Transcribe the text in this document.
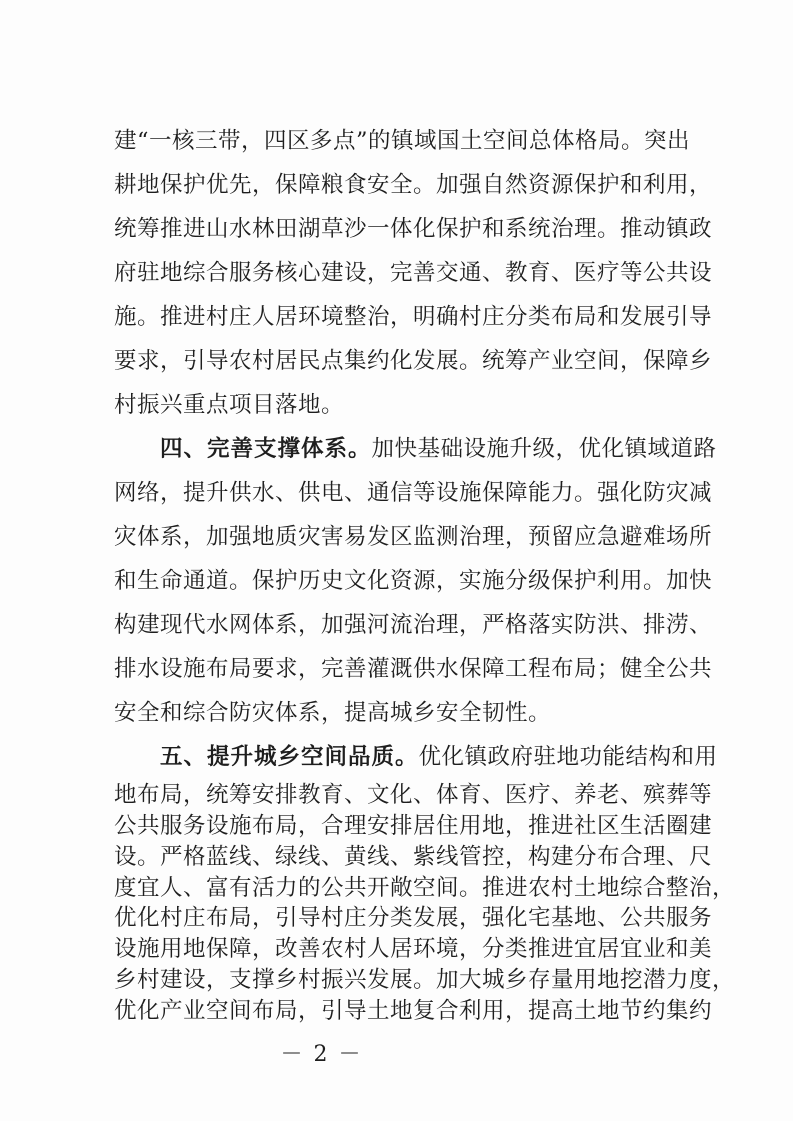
建“一核三带，四区多点”的镇域国土空间总体格局。突出
耕地保护优先，保障粮食安全。加强自然资源保护和利用，
统筹推进山水林田湖草沙一体化保护和系统治理。推动镇政
府驻地综合服务核心建设，完善交通、教育、医疗等公共设
施。推进村庄人居环境整治，明确村庄分类布局和发展引导
要求，引导农村居民点集约化发展。统筹产业空间，保障乡
村振兴重点项目落地。
四、完善支撑体系。加快基础设施升级，优化镇域道路
网络，提升供水、供电、通信等设施保障能力。强化防灾减
灾体系，加强地质灾害易发区监测治理，预留应急避难场所
和生命通道。保护历史文化资源，实施分级保护利用。加快
构建现代水网体系，加强河流治理，严格落实防洪、排涝、
排水设施布局要求，完善灌溉供水保障工程布局；健全公共
安全和综合防灾体系，提高城乡安全韧性。
五、提升城乡空间品质。优化镇政府驻地功能结构和用
地布局，统筹安排教育、文化、体育、医疗、养老、殡葬等
公共服务设施布局，合理安排居住用地，推进社区生活圈建
设。严格蓝线、绿线、黄线、紫线管控，构建分布合理、尺
度宜人、富有活力的公共开敞空间。推进农村土地综合整治，
优化村庄布局，引导村庄分类发展，强化宅基地、公共服务
设施用地保障，改善农村人居环境，分类推进宜居宜业和美
乡村建设，支撑乡村振兴发展。加大城乡存量用地挖潜力度，
优化产业空间布局，引导土地复合利用，提高土地节约集约
－ 2 －
